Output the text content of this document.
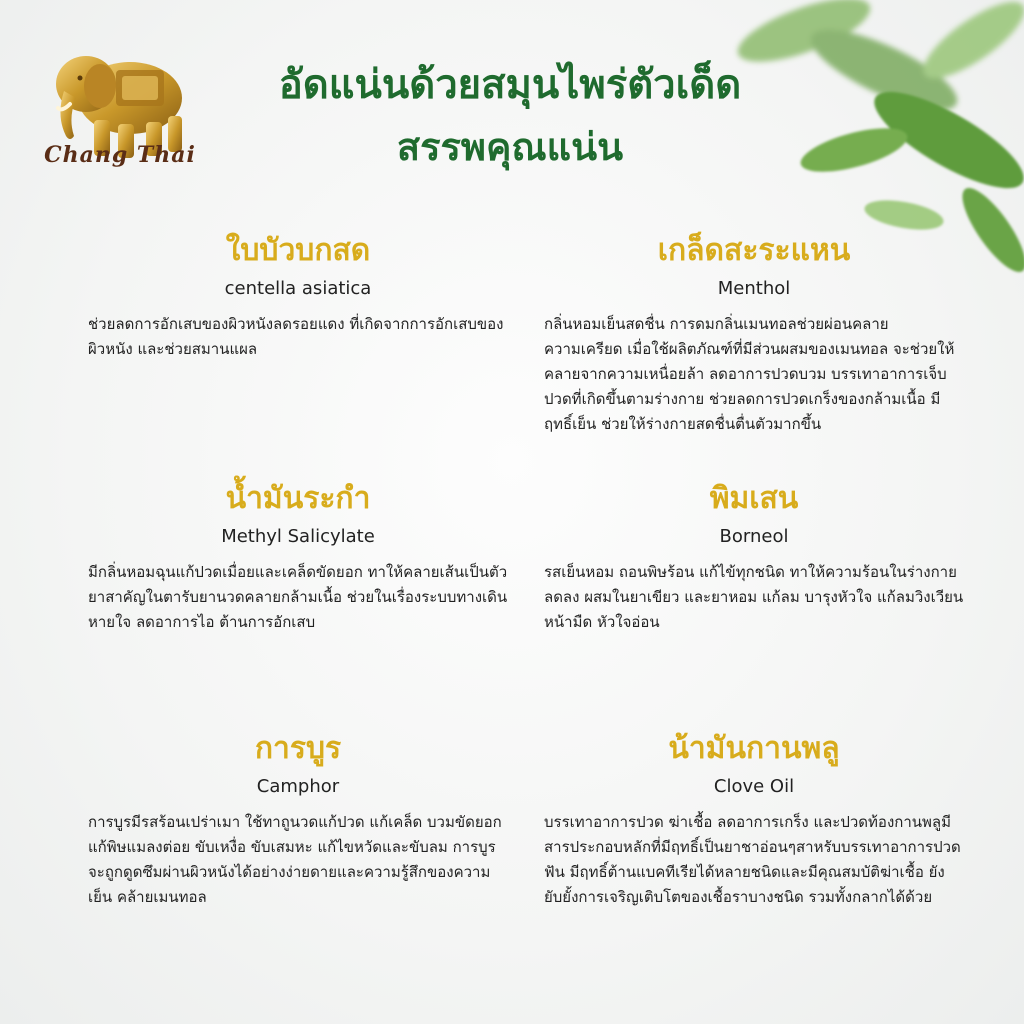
Chang Thai
อัดแน่นด้วยสมุนไพร่ตัวเด็ด
สรรพคุณแน่น
ใบบัวบกสด
centella asiatica
ช่วยลดการอักเสบของผิวหนังลดรอยแดง ที่เกิดจากการอักเสบของผิวหนัง และช่วยสมานแผล
เกล็ดสะระแหน
Menthol
กลิ่นหอมเย็นสดชื่น การดมกลิ่นเมนทอลช่วยผ่อนคลายความเครียด เมื่อใช้ผลิตภัณฑ์ที่มีส่วนผสมของเมนทอล จะช่วยให้คลายจากความเหนื่อยล้า ลดอาการปวดบวม บรรเทาอาการเจ็บปวดที่เกิดขึ้นตามร่างกาย ช่วยลดการปวดเกร็งของกล้ามเนื้อ มีฤทธิ์เย็น ช่วยให้ร่างกายสดชื่นตื่นตัวมากขึ้น
น้ำมันระกำ
Methyl Salicylate
มีกลิ่นหอมฉุนแก้ปวดเมื่อยและเคล็ดขัดยอก ทาให้คลายเส้นเป็นตัวยาสาคัญในตารับยานวดคลายกล้ามเนื้อ ช่วยในเรื่องระบบทางเดินหายใจ ลดอาการไอ ต้านการอักเสบ
พิมเสน
Borneol
รสเย็นหอม ถอนพิษร้อน แก้ไข้ทุกชนิด ทาให้ความร้อนในร่างกายลดลง ผสมในยาเขียว และยาหอม แก้ลม บารุงหัวใจ แก้ลมวิงเวียนหน้ามืด หัวใจอ่อน
การบูร
Camphor
การบูรมีรสร้อนเปร่าเมา ใช้ทาถูนวดแก้ปวด แก้เคล็ด บวมขัดยอก แก้พิษแมลงต่อย ขับเหงื่อ ขับเสมหะ แก้ไขหวัดและขับลม การบูรจะถูกดูดซึมผ่านผิวหนังได้อย่างง่ายดายและความรู้สึกของความเย็น คล้ายเมนทอล
น้ามันกานพลู
Clove Oil
บรรเทาอาการปวด ฆ่าเชื้อ ลดอาการเกร็ง และปวดท้องกานพลูมีสารประกอบหลักที่มีฤทธิ์เป็นยาชาอ่อนๆสาหรับบรรเทาอาการปวดฟัน มีฤทธิ์ต้านแบคทีเรียได้หลายชนิดและมีคุณสมบัติฆ่าเชื้อ ยังยับยั้งการเจริญเติบโตของเชื้อราบางชนิด รวมทั้งกลากได้ด้วย
